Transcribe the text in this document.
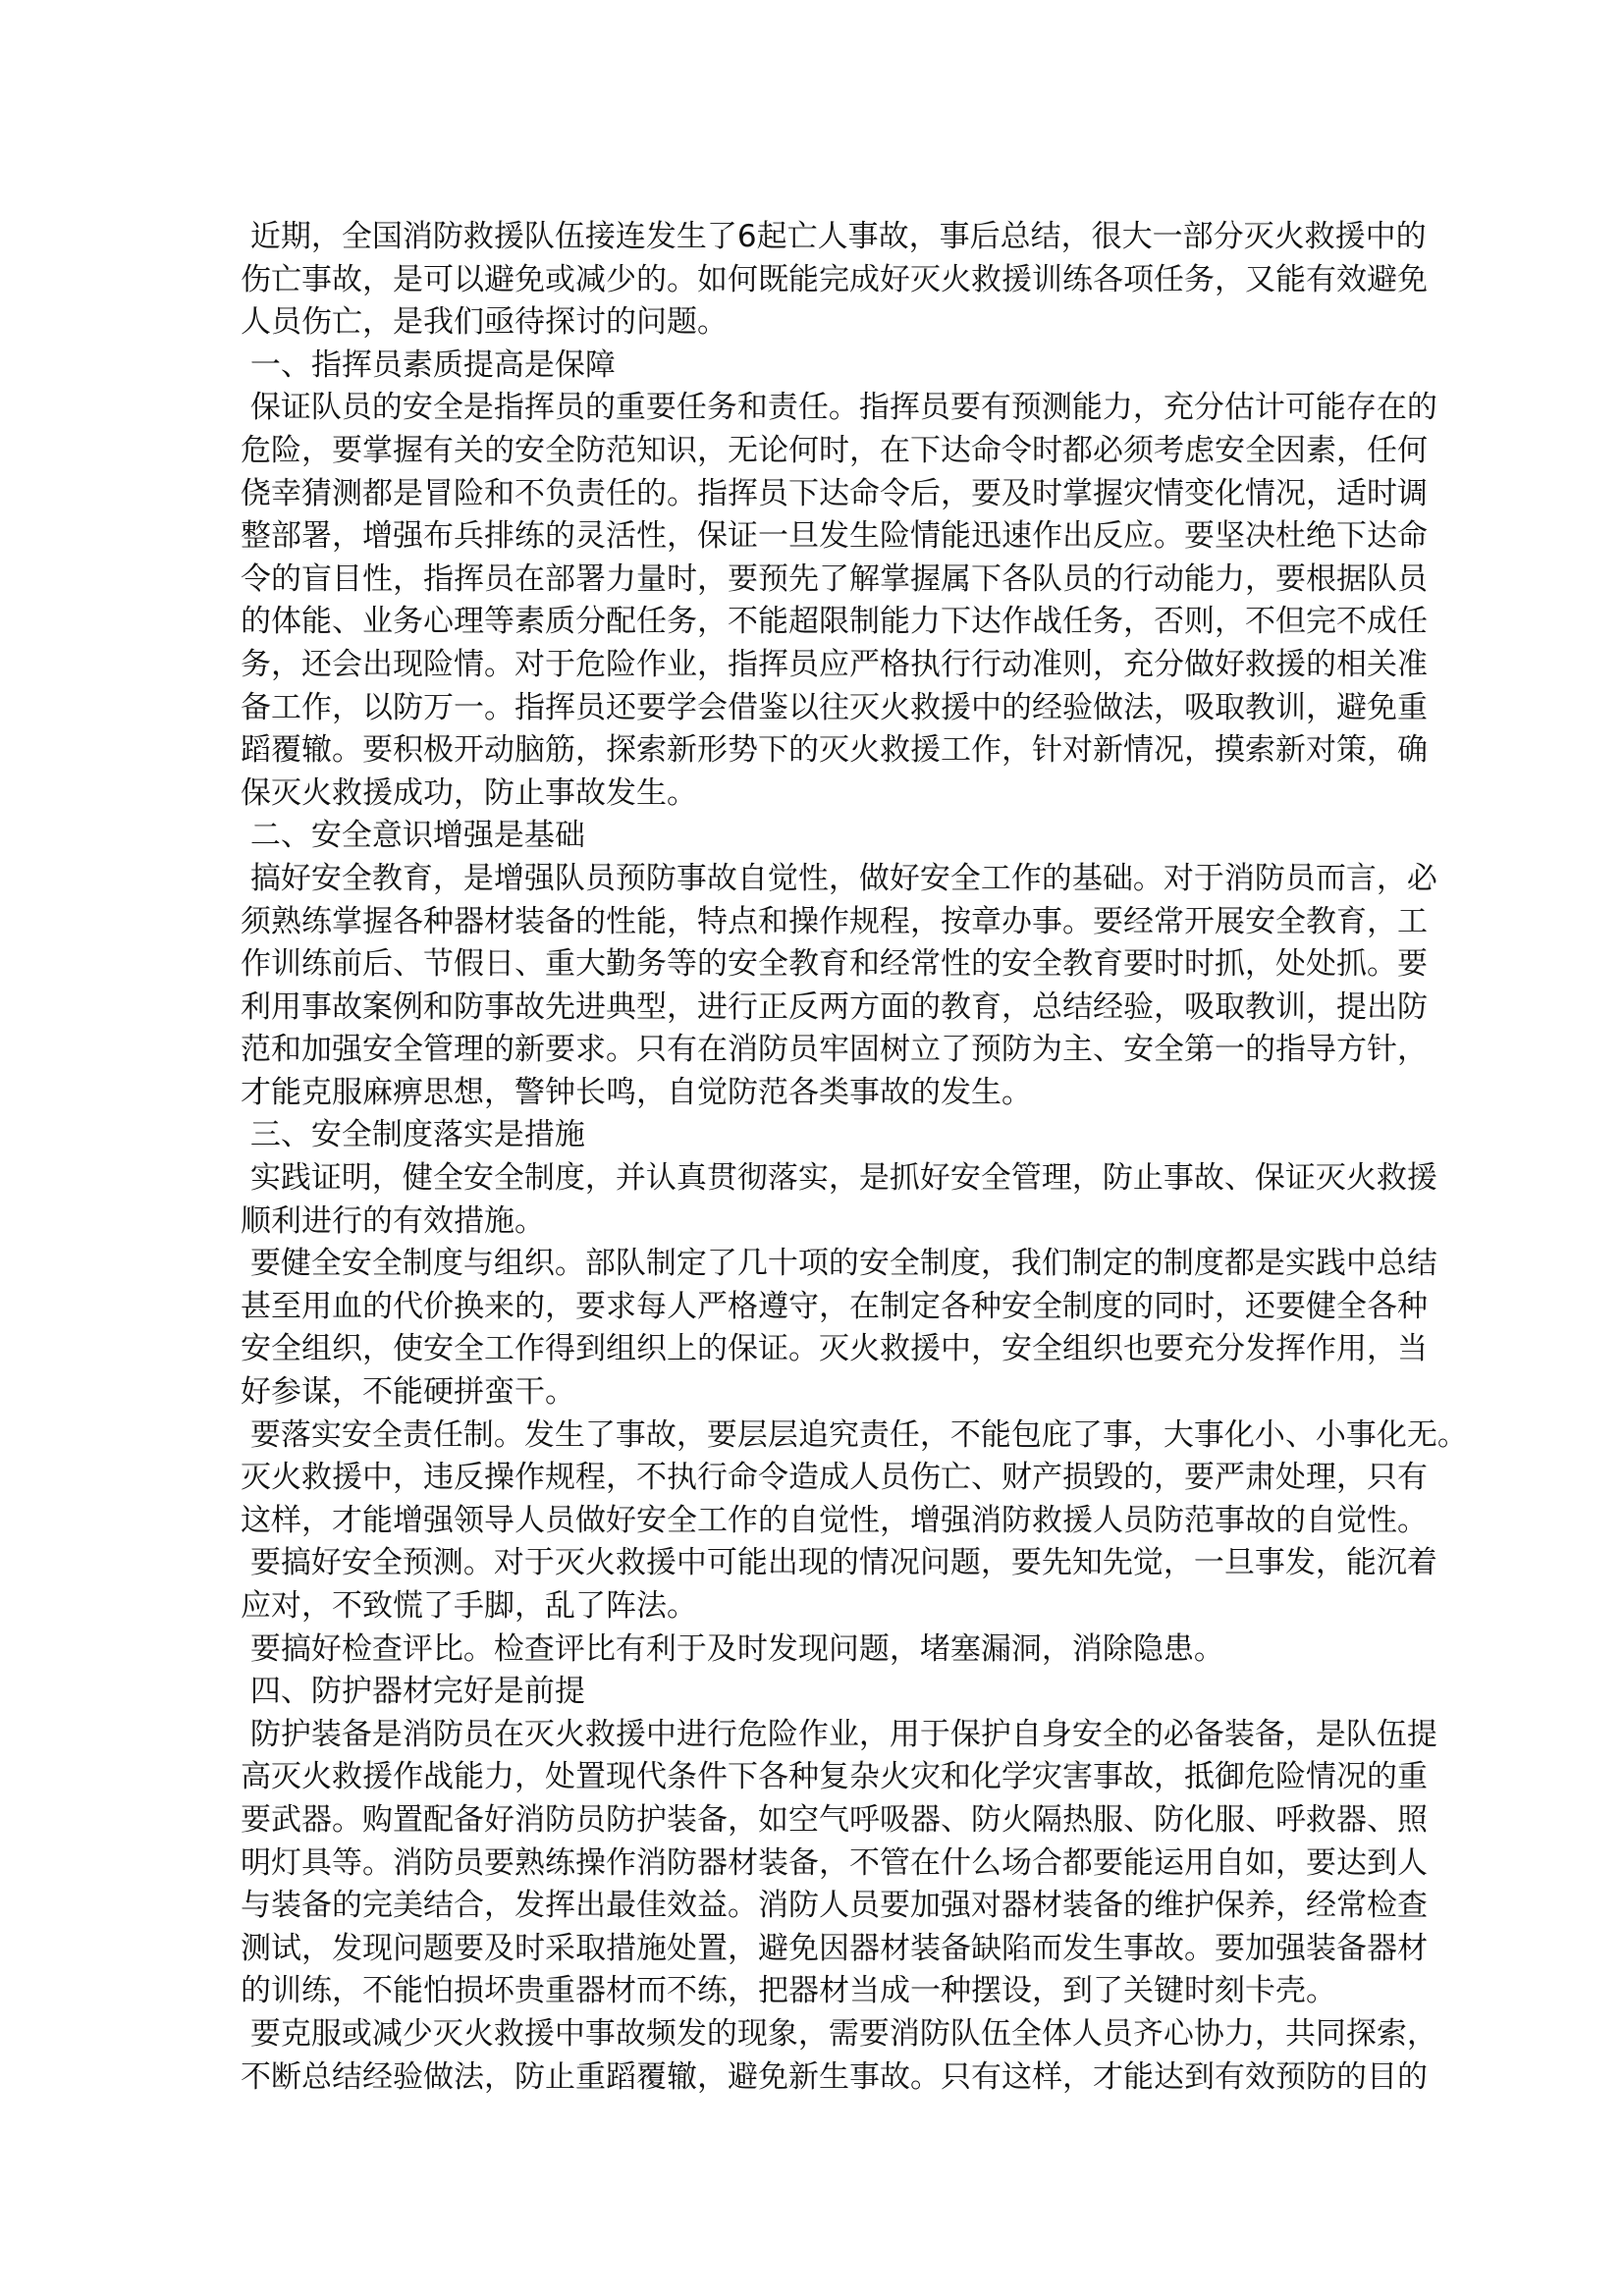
近期，全国消防救援队伍接连发生了6起亡人事故，事后总结，很大一部分灭火救援中的
伤亡事故，是可以避免或减少的。如何既能完成好灭火救援训练各项任务，又能有效避免
人员伤亡，是我们亟待探讨的问题。
一、指挥员素质提高是保障
保证队员的安全是指挥员的重要任务和责任。指挥员要有预测能力，充分估计可能存在的
危险，要掌握有关的安全防范知识，无论何时，在下达命令时都必须考虑安全因素，任何
侥幸猜测都是冒险和不负责任的。指挥员下达命令后，要及时掌握灾情变化情况，适时调
整部署，增强布兵排练的灵活性，保证一旦发生险情能迅速作出反应。要坚决杜绝下达命
令的盲目性，指挥员在部署力量时，要预先了解掌握属下各队员的行动能力，要根据队员
的体能、业务心理等素质分配任务，不能超限制能力下达作战任务，否则，不但完不成任
务，还会出现险情。对于危险作业，指挥员应严格执行行动准则，充分做好救援的相关准
备工作，以防万一。指挥员还要学会借鉴以往灭火救援中的经验做法，吸取教训，避免重
蹈覆辙。要积极开动脑筋，探索新形势下的灭火救援工作，针对新情况，摸索新对策，确
保灭火救援成功，防止事故发生。
二、安全意识增强是基础
搞好安全教育，是增强队员预防事故自觉性，做好安全工作的基础。对于消防员而言，必
须熟练掌握各种器材装备的性能，特点和操作规程，按章办事。要经常开展安全教育，工
作训练前后、节假日、重大勤务等的安全教育和经常性的安全教育要时时抓，处处抓。要
利用事故案例和防事故先进典型，进行正反两方面的教育，总结经验，吸取教训，提出防
范和加强安全管理的新要求。只有在消防员牢固树立了预防为主、安全第一的指导方针，
才能克服麻痹思想，警钟长鸣，自觉防范各类事故的发生。
三、安全制度落实是措施
实践证明，健全安全制度，并认真贯彻落实，是抓好安全管理，防止事故、保证灭火救援
顺利进行的有效措施。
要健全安全制度与组织。部队制定了几十项的安全制度，我们制定的制度都是实践中总结
甚至用血的代价换来的，要求每人严格遵守，在制定各种安全制度的同时，还要健全各种
安全组织，使安全工作得到组织上的保证。灭火救援中，安全组织也要充分发挥作用，当
好参谋，不能硬拼蛮干。
要落实安全责任制。发生了事故，要层层追究责任，不能包庇了事，大事化小、小事化无。
灭火救援中，违反操作规程，不执行命令造成人员伤亡、财产损毁的，要严肃处理，只有
这样，才能增强领导人员做好安全工作的自觉性，增强消防救援人员防范事故的自觉性。
要搞好安全预测。对于灭火救援中可能出现的情况问题，要先知先觉，一旦事发，能沉着
应对，不致慌了手脚，乱了阵法。
要搞好检查评比。检查评比有利于及时发现问题，堵塞漏洞，消除隐患。
四、防护器材完好是前提
防护装备是消防员在灭火救援中进行危险作业，用于保护自身安全的必备装备，是队伍提
高灭火救援作战能力，处置现代条件下各种复杂火灾和化学灾害事故，抵御危险情况的重
要武器。购置配备好消防员防护装备，如空气呼吸器、防火隔热服、防化服、呼救器、照
明灯具等。消防员要熟练操作消防器材装备，不管在什么场合都要能运用自如，要达到人
与装备的完美结合，发挥出最佳效益。消防人员要加强对器材装备的维护保养，经常检查
测试，发现问题要及时采取措施处置，避免因器材装备缺陷而发生事故。要加强装备器材
的训练，不能怕损坏贵重器材而不练，把器材当成一种摆设，到了关键时刻卡壳。
要克服或减少灭火救援中事故频发的现象，需要消防队伍全体人员齐心协力，共同探索，
不断总结经验做法，防止重蹈覆辙，避免新生事故。只有这样，才能达到有效预防的目的
